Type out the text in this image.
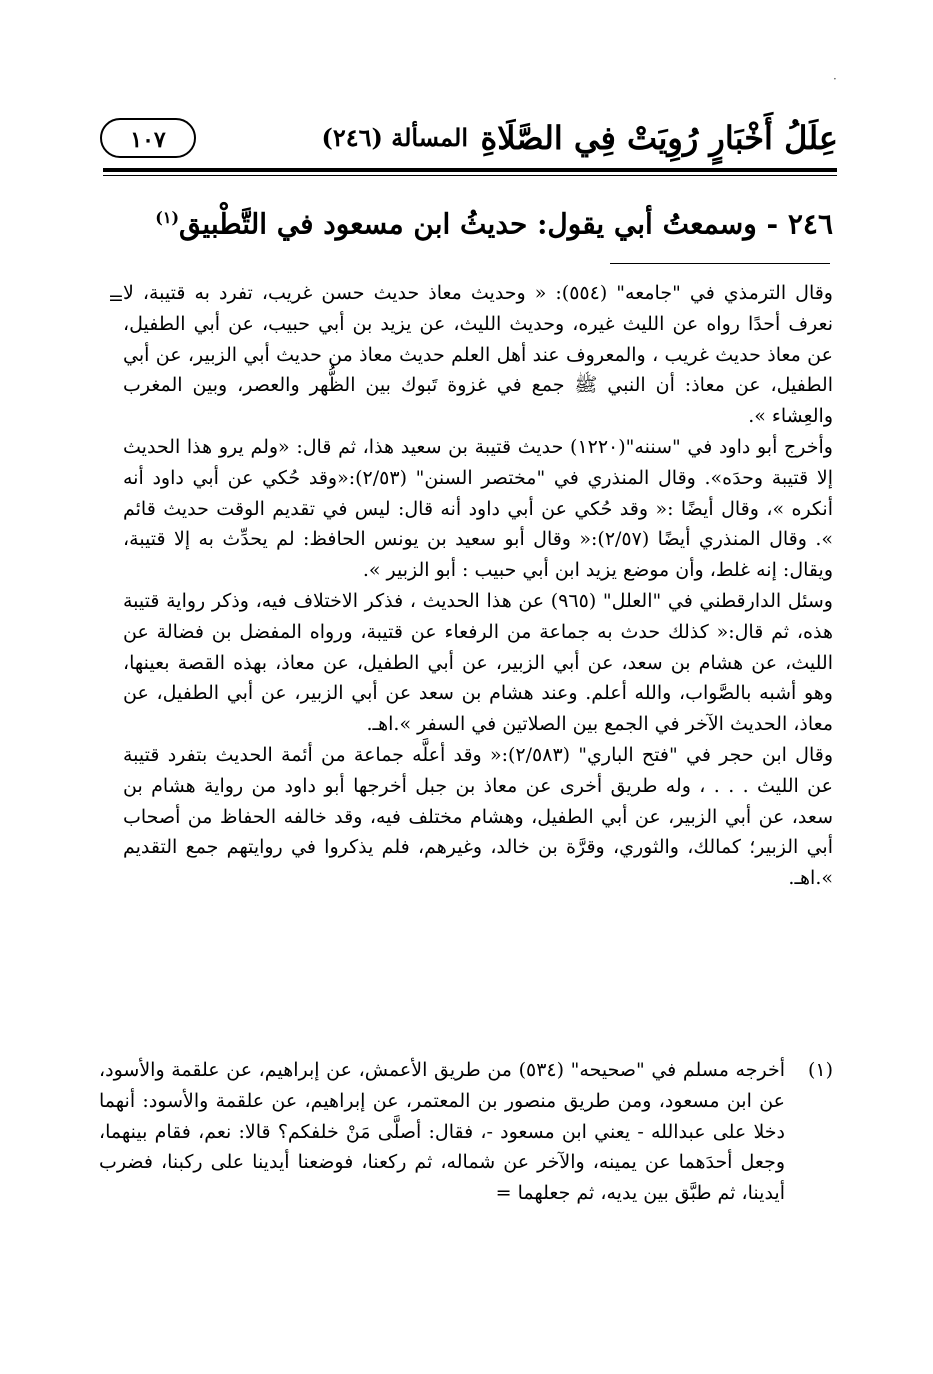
·
عِلَلُ أَخْبَارٍ رُوِيَتْ فِي الصَّلَاةِ
المسألة (٢٤٦)
١٠٧
٢٤٦ - وسمعتُ أبي يقول: حديثُ ابن مسعود في التَّطْبيق$^{(١)}$
= وقال الترمذي في "جامعه" (٥٥٤): « وحديث معاذ حديث حسن غريب، تفرد به قتيبة، لا نعرف أحدًا رواه عن الليث غيره، وحديث الليث، عن يزيد بن أبي حبيب، عن أبي الطفيل، عن معاذ حديث غريب ، والمعروف عند أهل العلم حديث معاذ من حديث أبي الزبير، عن أبي الطفيل، عن معاذ: أن النبي ﷺ جمع في غزوة تَبوك بين الظُّهر والعصر، وبين المغرب والعِشاء ».

وأخرج أبو داود في "سننه"(١٢٢٠) حديث قتيبة بن سعيد هذا، ثم قال: «ولم يرو هذا الحديث إلا قتيبة وحدَه». وقال المنذري في "مختصر السنن" (٢/٥٣):«وقد حُكي عن أبي داود أنه أنكره »، وقال أيضًا :« وقد حُكي عن أبي داود أنه قال: ليس في تقديم الوقت حديث قائم ». وقال المنذري أيضًا (٢/٥٧):« وقال أبو سعيد بن يونس الحافظ: لم يحدِّث به إلا قتيبة، ويقال: إنه غلط، وأن موضع يزيد ابن أبي حبيب : أبو الزبير ».

وسئل الدارقطني في "العلل" (٩٦٥) عن هذا الحديث ، فذكر الاختلاف فيه، وذكر رواية قتيبة هذه، ثم قال:« كذلك حدث به جماعة من الرفعاء عن قتيبة، ورواه المفضل بن فضالة عن الليث، عن هشام بن سعد، عن أبي الزبير، عن أبي الطفيل، عن معاذ، بهذه القصة بعينها، وهو أشبه بالصَّواب، والله أعلم. وعند هشام بن سعد عن أبي الزبير، عن أبي الطفيل، عن معاذ، الحديث الآخر في الجمع بين الصلاتين في السفر ».اهـ.

وقال ابن حجر في "فتح الباري" (٢/٥٨٣):« وقد أعلَّه جماعة من أئمة الحديث بتفرد قتيبة عن الليث . . . ، وله طريق أخرى عن معاذ بن جبل أخرجها أبو داود من رواية هشام بن سعد، عن أبي الزبير، عن أبي الطفيل، وهشام مختلف فيه، وقد خالفه الحفاظ من أصحاب أبي الزبير؛ كمالك، والثوري، وقرَّة بن خالد، وغيرهم، فلم يذكروا في روايتهم جمع التقديم ».اهـ.

(١)

أخرجه مسلم في "صحيحه" (٥٣٤) من طريق الأعمش، عن إبراهيم، عن علقمة والأسود، عن ابن مسعود، ومن طريق منصور بن المعتمر، عن إبراهيم، عن علقمة والأسود: أنهما دخلا على عبدالله - يعني ابن مسعود -، فقال: أصلَّى مَنْ خلفكم؟ قالا: نعم، فقام بينهما، وجعل أحدَهما عن يمينه، والآخر عن شماله، ثم ركعنا، فوضعنا أيدينا على ركبنا، فضرب أيدينا، ثم طبَّق بين يديه، ثم جعلهما =
